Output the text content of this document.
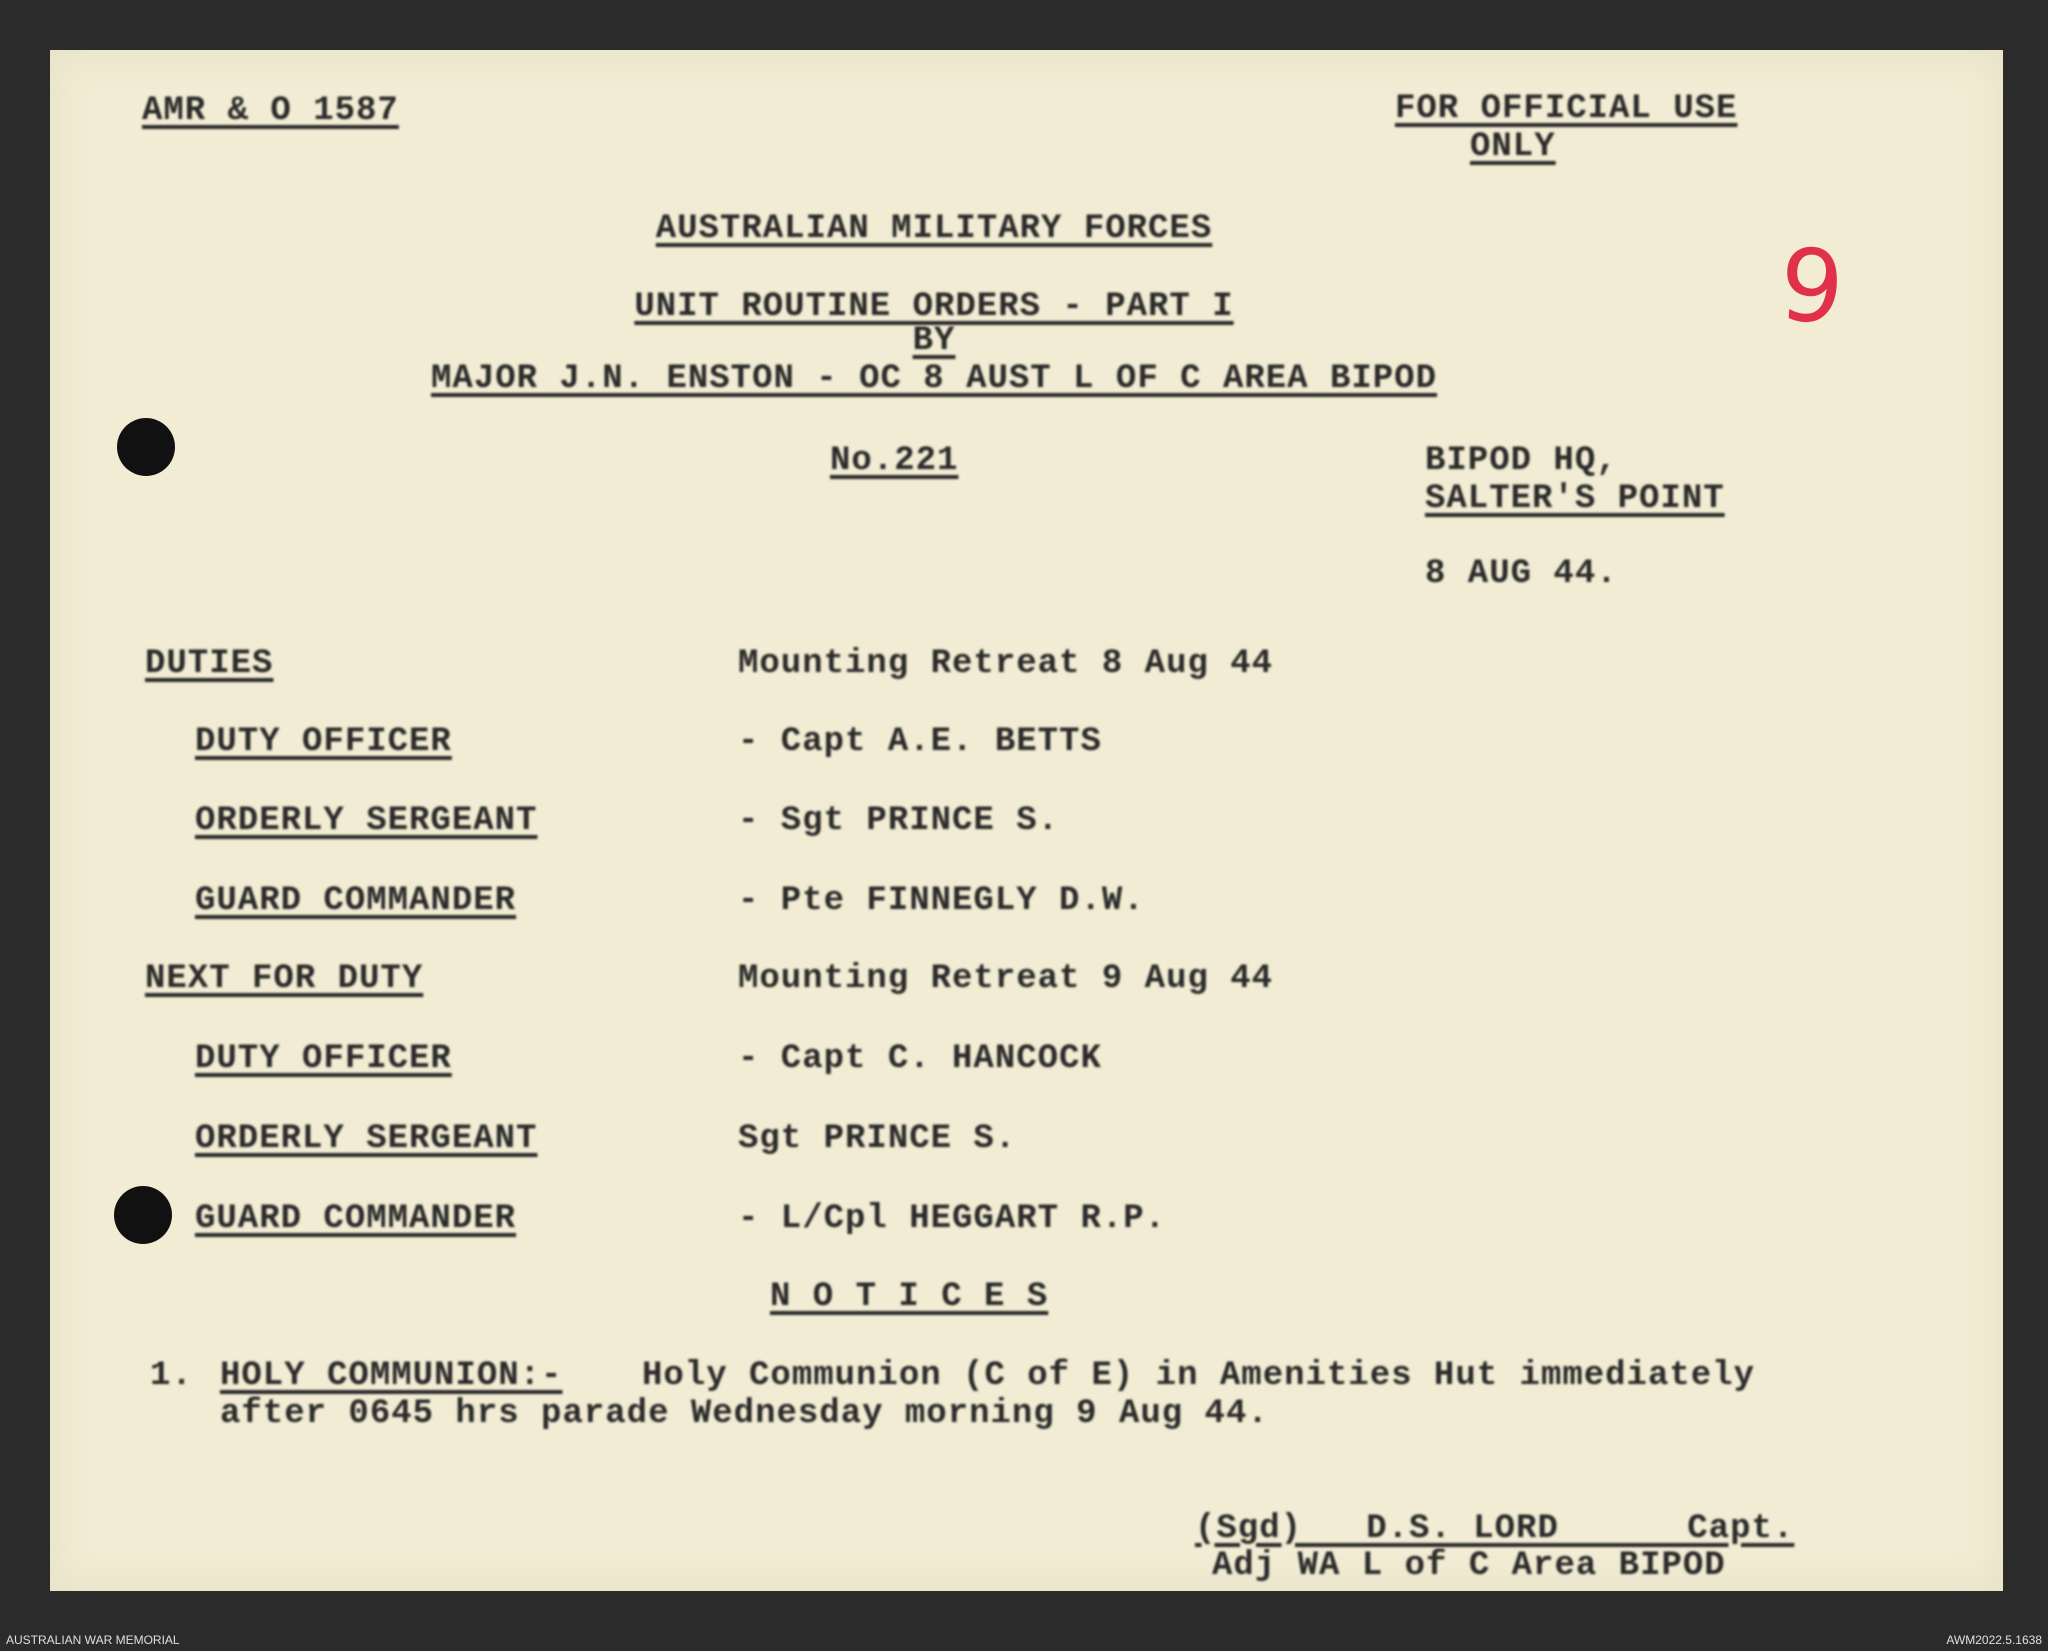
AMR & O 1587	FOR OFFICIAL USE
ONLY
9
AUSTRALIAN MILITARY FORCES
UNIT ROUTINE ORDERS - PART I
BY
MAJOR J.N. ENSTON - OC 8 AUST L OF C AREA BIPOD
No.221	BIPOD HQ,
SALTER'S POINT
8 AUG 44.
DUTIES	Mounting Retreat 8 Aug 44
DUTY OFFICER	- Capt A.E. BETTS
ORDERLY SERGEANT	- Sgt PRINCE S.
GUARD COMMANDER	- Pte FINNEGLY D.W.
NEXT FOR DUTY	Mounting Retreat 9 Aug 44
DUTY OFFICER	- Capt C. HANCOCK
ORDERLY SERGEANT	Sgt PRINCE S.
GUARD COMMANDER	- L/Cpl HEGGART R.P.
N O T I C E S
1. HOLY COMMUNION:- Holy Communion (C of E) in Amenities Hut immediately
after 0645 hrs parade Wednesday morning 9 Aug 44.
(Sgd)   D.S. LORD      Capt.
Adj WA L of C Area BIPOD
AUSTRALIAN WAR MEMORIAL	AWM2022.5.1638
